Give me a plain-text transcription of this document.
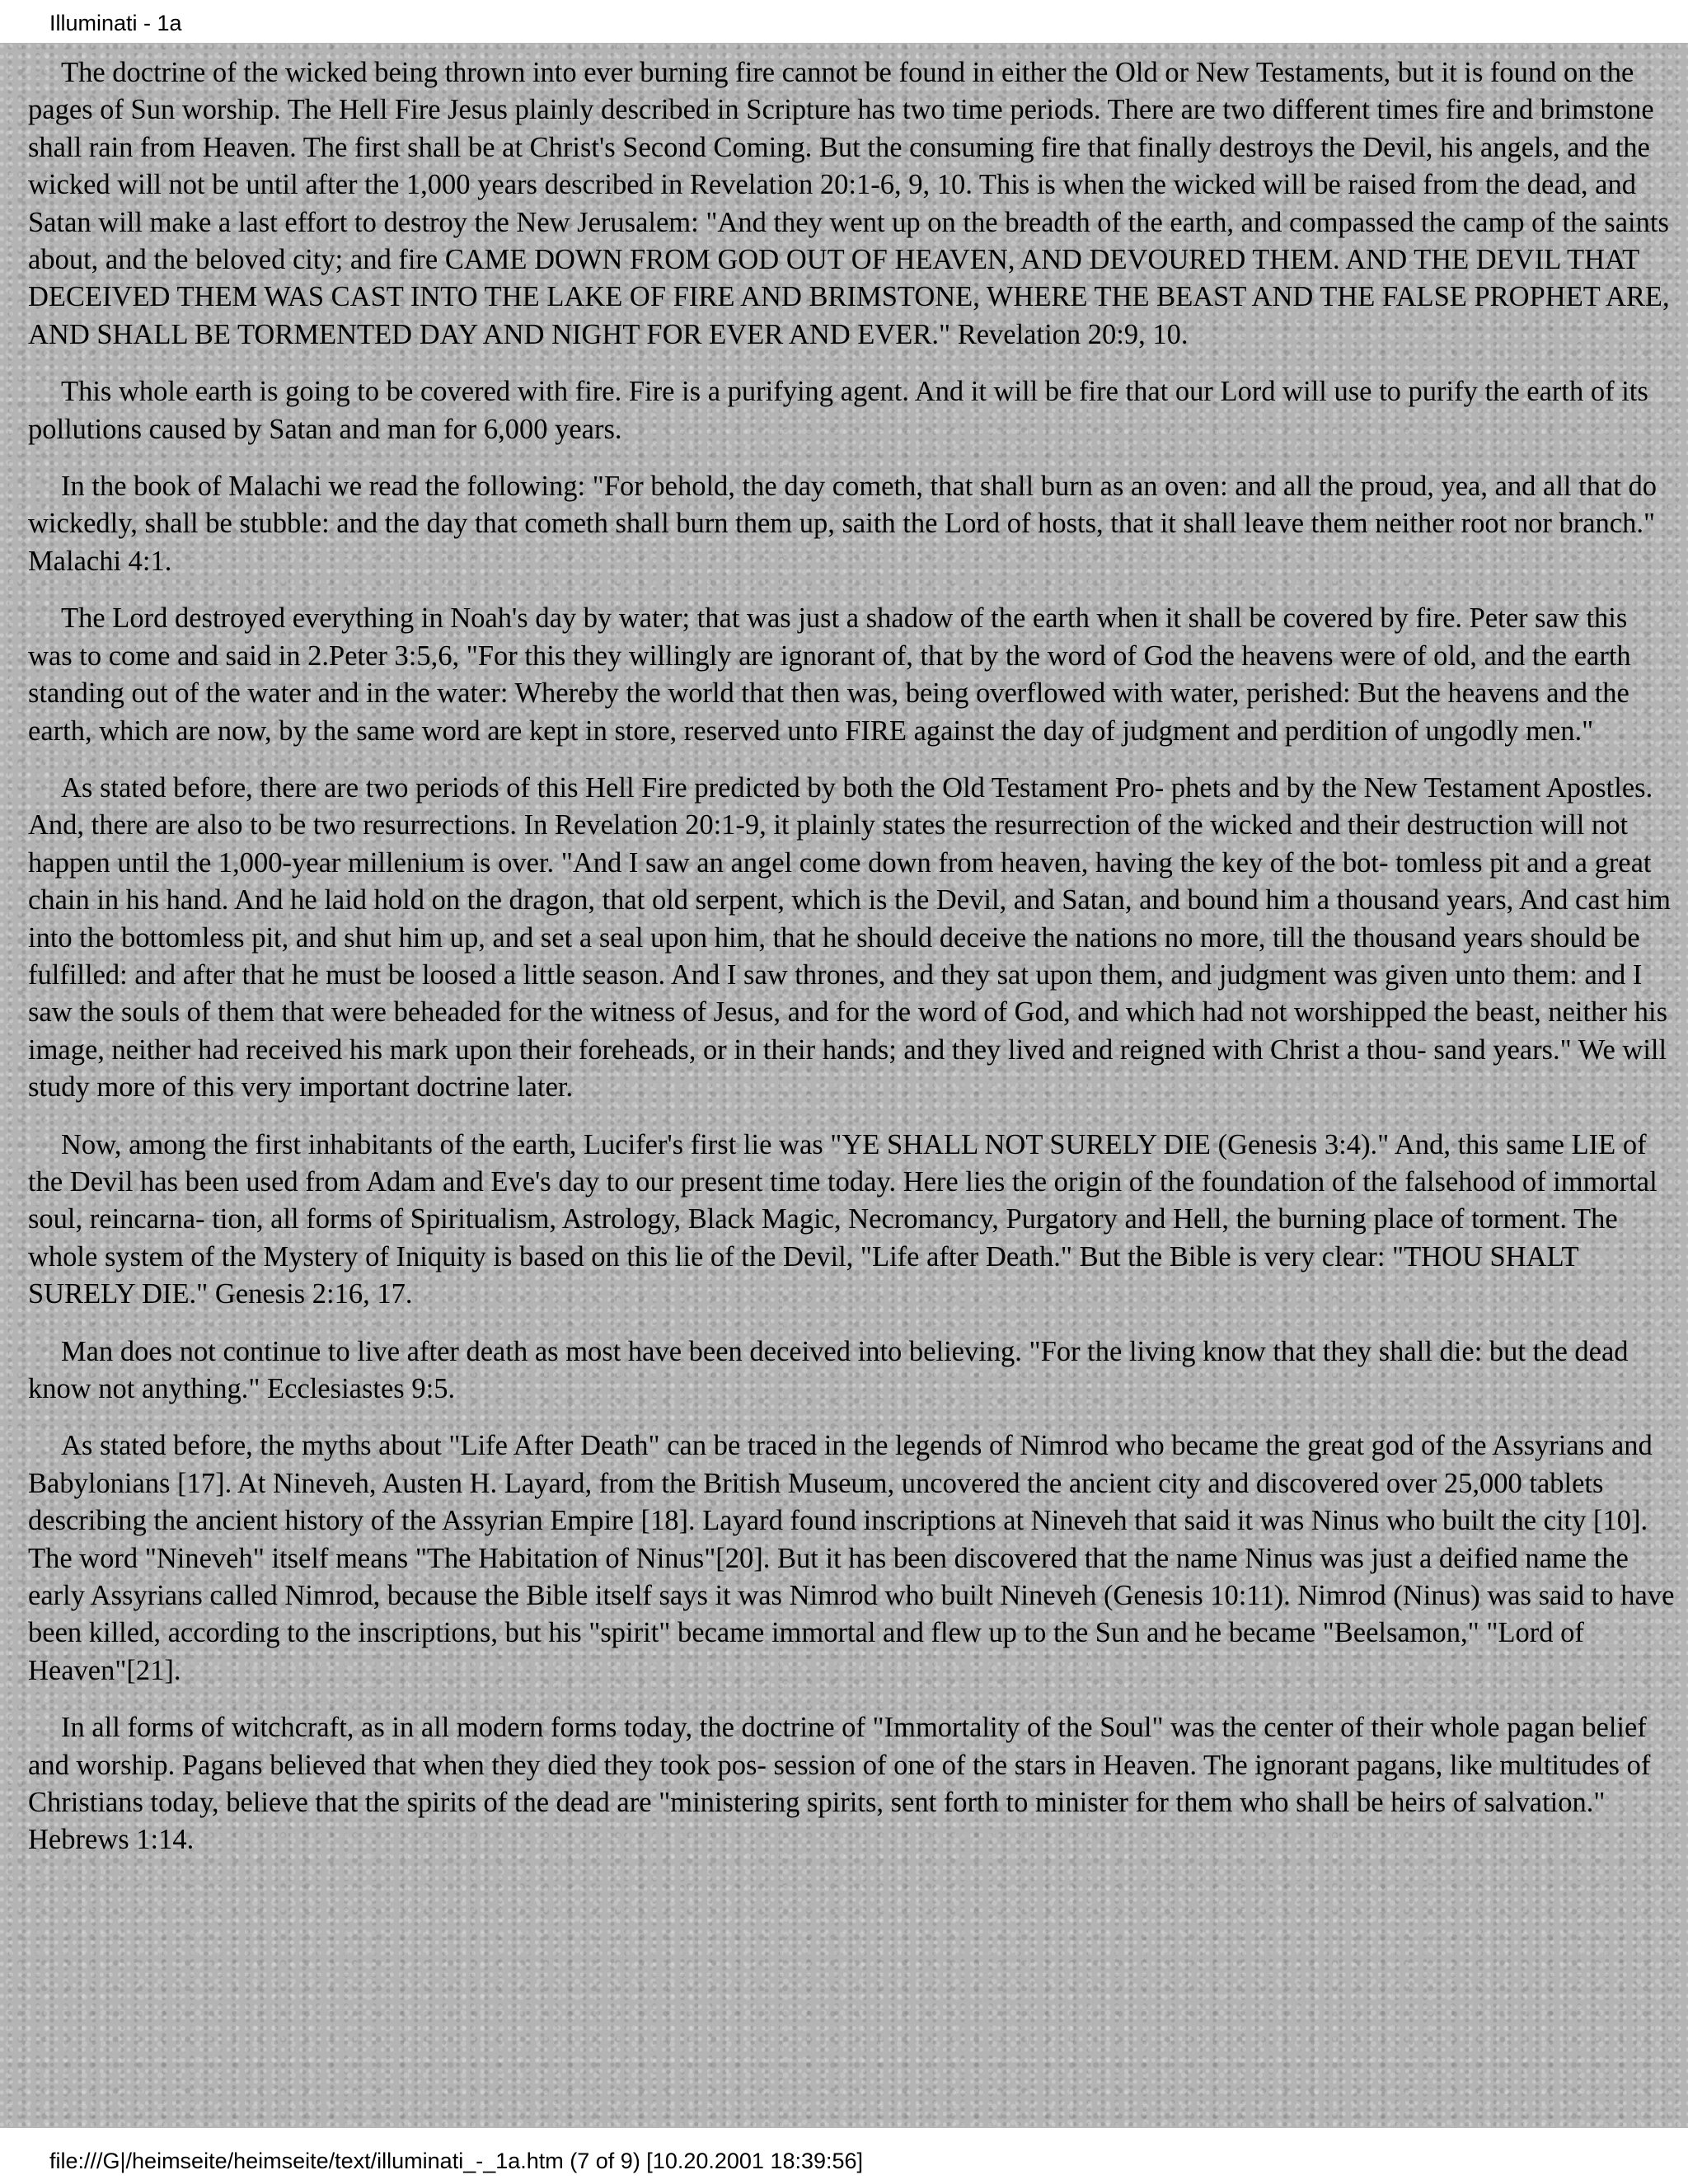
Illuminati - 1a

The doctrine of the wicked being thrown into ever burning fire cannot be found in either the Old or New Testaments, but it is found on the pages of Sun worship. The Hell Fire Jesus plainly described in Scripture has two time periods. There are two different times fire and brimstone shall rain from Heaven. The first shall be at Christ's Second Coming. But the consuming fire that finally destroys the Devil, his angels, and the wicked will not be until after the 1,000 years described in Revelation 20:1-6, 9, 10. This is when the wicked will be raised from the dead, and Satan will make a last effort to destroy the New Jerusalem: "And they went up on the breadth of the earth, and compassed the camp of the saints about, and the beloved city; and fire CAME DOWN FROM GOD OUT OF HEAVEN, AND DEVOURED THEM. AND THE DEVIL THAT DECEIVED THEM WAS CAST INTO THE LAKE OF FIRE AND BRIMSTONE, WHERE THE BEAST AND THE FALSE PROPHET ARE, AND SHALL BE TORMENTED DAY AND NIGHT FOR EVER AND EVER." Revelation 20:9, 10.

This whole earth is going to be covered with fire. Fire is a purifying agent. And it will be fire that our Lord will use to purify the earth of its pollutions caused by Satan and man for 6,000 years.

In the book of Malachi we read the following: "For behold, the day cometh, that shall burn as an oven: and all the proud, yea, and all that do wickedly, shall be stubble: and the day that cometh shall burn them up, saith the Lord of hosts, that it shall leave them neither root nor branch." Malachi 4:1.

The Lord destroyed everything in Noah's day by water; that was just a shadow of the earth when it shall be covered by fire. Peter saw this was to come and said in 2.Peter 3:5,6, "For this they willingly are ignorant of, that by the word of God the heavens were of old, and the earth standing out of the water and in the water: Whereby the world that then was, being overflowed with water, perished: But the heavens and the earth, which are now, by the same word are kept in store, reserved unto FIRE against the day of judgment and perdition of ungodly men."

As stated before, there are two periods of this Hell Fire predicted by both the Old Testament Pro- phets and by the New Testament Apostles. And, there are also to be two resurrections. In Revelation 20:1-9, it plainly states the resurrection of the wicked and their destruction will not happen until the 1,000-year millenium is over. "And I saw an angel come down from heaven, having the key of the bot- tomless pit and a great chain in his hand. And he laid hold on the dragon, that old serpent, which is the Devil, and Satan, and bound him a thousand years, And cast him into the bottomless pit, and shut him up, and set a seal upon him, that he should deceive the nations no more, till the thousand years should be fulfilled: and after that he must be loosed a little season. And I saw thrones, and they sat upon them, and judgment was given unto them: and I saw the souls of them that were beheaded for the witness of Jesus, and for the word of God, and which had not worshipped the beast, neither his image, neither had received his mark upon their foreheads, or in their hands; and they lived and reigned with Christ a thou- sand years." We will study more of this very important doctrine later.

Now, among the first inhabitants of the earth, Lucifer's first lie was "YE SHALL NOT SURELY DIE (Genesis 3:4)." And, this same LIE of the Devil has been used from Adam and Eve's day to our present time today. Here lies the origin of the foundation of the falsehood of immortal soul, reincarna- tion, all forms of Spiritualism, Astrology, Black Magic, Necromancy, Purgatory and Hell, the burning place of torment. The whole system of the Mystery of Iniquity is based on this lie of the Devil, "Life after Death." But the Bible is very clear: "THOU SHALT SURELY DIE." Genesis 2:16, 17.

Man does not continue to live after death as most have been deceived into believing. "For the living know that they shall die: but the dead know not anything." Ecclesiastes 9:5.

As stated before, the myths about "Life After Death" can be traced in the legends of Nimrod who became the great god of the Assyrians and Babylonians [17]. At Nineveh, Austen H. Layard, from the British Museum, uncovered the ancient city and discovered over 25,000 tablets describing the ancient history of the Assyrian Empire [18]. Layard found inscriptions at Nineveh that said it was Ninus who built the city [10]. The word "Nineveh" itself means "The Habitation of Ninus"[20]. But it has been discovered that the name Ninus was just a deified name the early Assyrians called Nimrod, because the Bible itself says it was Nimrod who built Nineveh (Genesis 10:11). Nimrod (Ninus) was said to have been killed, according to the inscriptions, but his "spirit" became immortal and flew up to the Sun and he became "Beelsamon," "Lord of Heaven"[21].

In all forms of witchcraft, as in all modern forms today, the doctrine of "Immortality of the Soul" was the center of their whole pagan belief and worship. Pagans believed that when they died they took pos- session of one of the stars in Heaven. The ignorant pagans, like multitudes of Christians today, believe that the spirits of the dead are "ministering spirits, sent forth to minister for them who shall be heirs of salvation." Hebrews 1:14.

file:///G|/heimseite/heimseite/text/illuminati_-_1a.htm (7 of 9) [10.20.2001 18:39:56]
